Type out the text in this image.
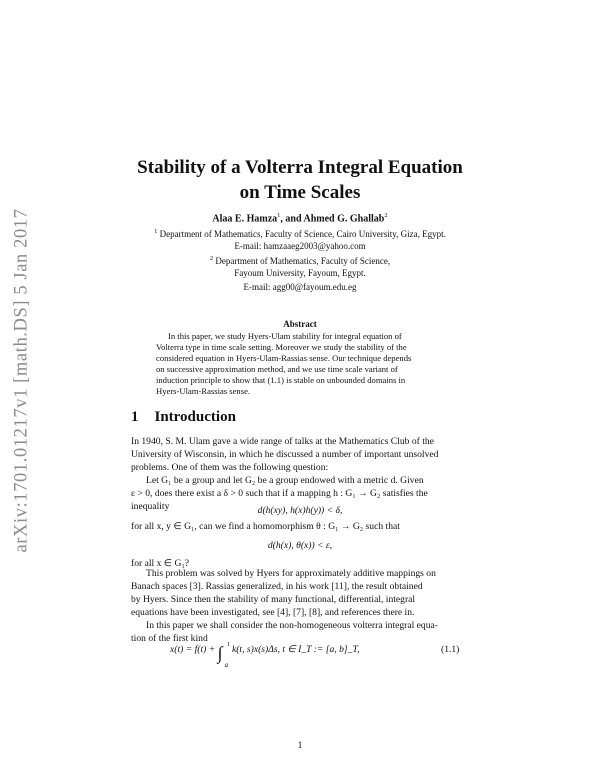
arXiv:1701.01217v1 [math.DS] 5 Jan 2017
Stability of a Volterra Integral Equation
on Time Scales
Alaa E. Hamza$^1$, and Ahmed G. Ghallab$^2$
$^1$ Department of Mathematics, Faculty of Science, Cairo University, Giza, Egypt.
E-mail: hamzaaeg2003@yahoo.com
$^2$ Department of Mathematics, Faculty of Science,
Fayoum University, Fayoum, Egypt.
E-mail: agg00@fayoum.edu.eg
Abstract
In this paper, we study Hyers-Ulam stability for integral equation of
Volterra type in time scale setting. Moreover we study the stability of the
considered equation in Hyers-Ulam-Rassias sense. Our technique depends
on successive approximation method, and we use time scale variant of
induction principle to show that (1.1) is stable on unbounded domains in
Hyers-Ulam-Rassias sense.
1 Introduction
In 1940, S. M. Ulam gave a wide range of talks at the Mathematics Club of the
University of Wisconsin, in which he discussed a number of important unsolved
problems. One of them was the following question:
Let G₁ be a group and let G₂ be a group endowed with a metric d. Given
ε > 0, does there exist a δ > 0 such that if a mapping h : G₁ → G₂ satisfies the
inequality	d(h(xy), h(x)h(y)) < δ,
for all x, y ∈ G₁, can we find a homomorphism θ : G₁ → G₂ such that
d(h(x), θ(x)) < ε,
for all x ∈ G₁?
This problem was solved by Hyers for approximately additive mappings on
Banach spaces [3]. Rassias generalized, in his work [11], the result obtained
by Hyers. Since then the stability of many functional, differential, integral
equations have been investigated, see [4], [7], [8], and references there in.
In this paper we shall consider the non-homogeneous volterra integral equa-
tion of the first kind
x(t) = f(t) + ∫ t
a
k(t, s)x(s)Δs, t ∈ I_T := [a, b]_T,	(1.1)
1
